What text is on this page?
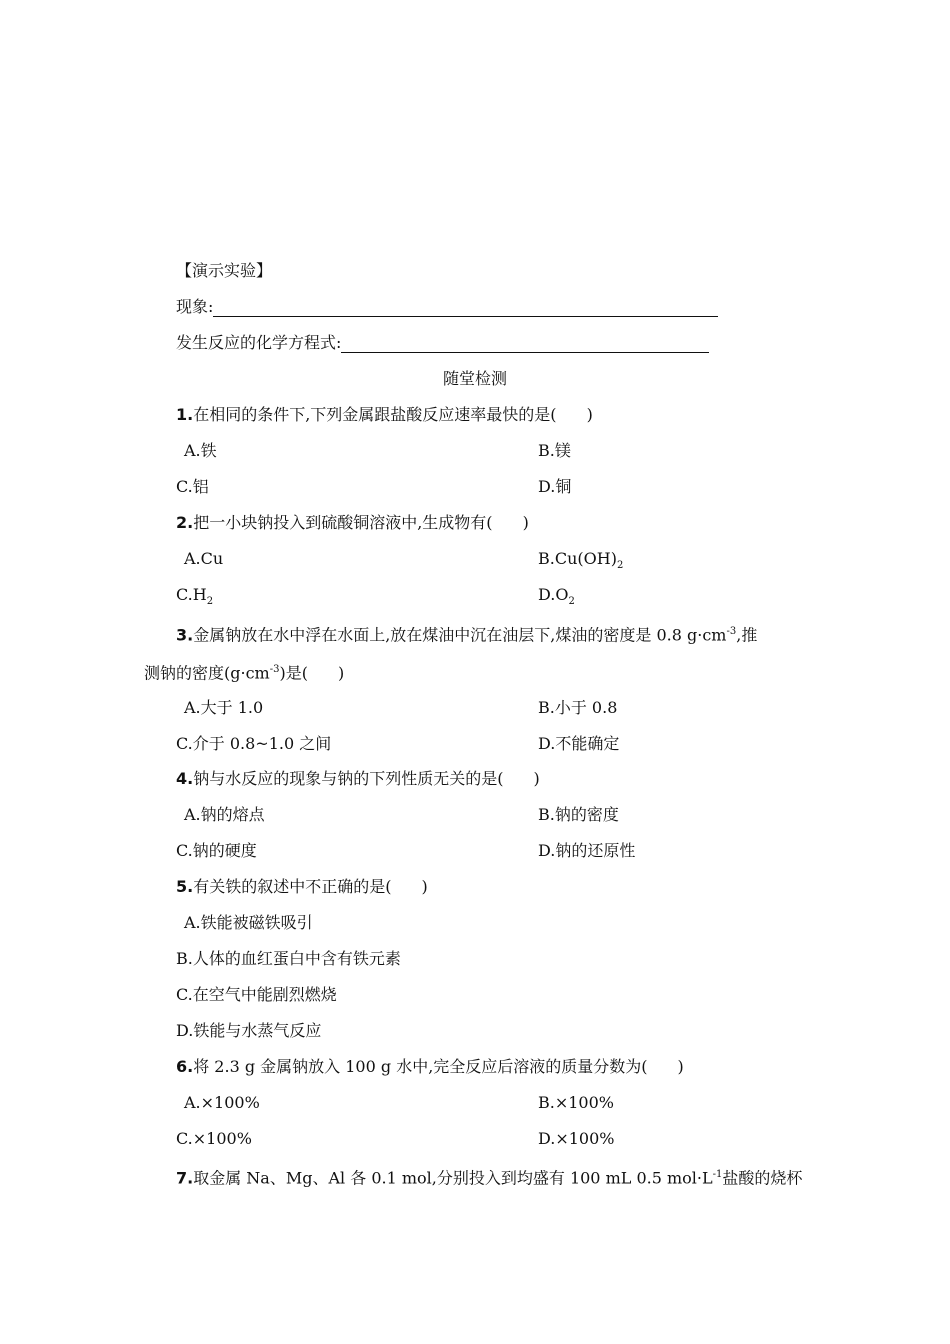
【演示实验】
现象:
发生反应的化学方程式:
随堂检测
1.在相同的条件下,下列金属跟盐酸反应速率最快的是( )
A.铁	B.镁
C.铝	D.铜
2.把一小块钠投入到硫酸铜溶液中,生成物有( )
A.Cu	$B.Cu(OH)_2$
$C.H_2$	$D.O_2$
3.金属钠放在水中浮在水面上,放在煤油中沉在油层下,煤油的密度是 0.8 $g\cdot cm^{-3}$,推
测钠的密度$(g\cdot cm^{-3})$是( )
A.大于 1.0	B.小于 0.8
C.介于 0.8~1.0 之间	D.不能确定
4.钠与水反应的现象与钠的下列性质无关的是( )
A.钠的熔点	B.钠的密度
C.钠的硬度	D.钠的还原性
5.有关铁的叙述中不正确的是( )
A.铁能被磁铁吸引
B.人体的血红蛋白中含有铁元素
C.在空气中能剧烈燃烧
D.铁能与水蒸气反应
6.将 2.3 g 金属钠放入 100 g 水中,完全反应后溶液的质量分数为( )
A.×100%	B.×100%
C.×100%	D.×100%
7.取金属 Na、Mg、Al 各 0.1 mol,分别投入到均盛有 100 mL 0.5 $mol\cdot L^{-1}$盐酸的烧杯
